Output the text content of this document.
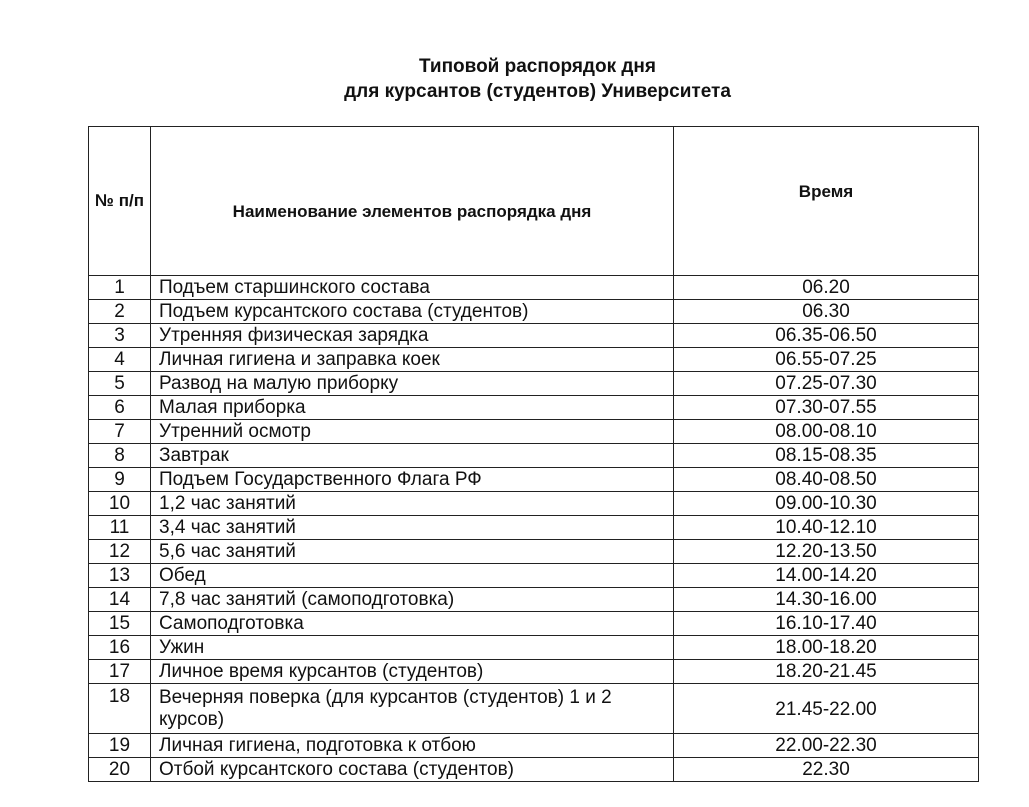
Типовой распорядок дня
для курсантов (студентов) Университета
№ п/п	Наименование элементов распорядка дня	Время
1	Подъем старшинского состава	06.20
2	Подъем курсантского состава (студентов)	06.30
3	Утренняя физическая зарядка	06.35-06.50
4	Личная гигиена и заправка коек	06.55-07.25
5	Развод на малую приборку	07.25-07.30
6	Малая приборка	07.30-07.55
7	Утренний осмотр	08.00-08.10
8	Завтрак	08.15-08.35
9	Подъем Государственного Флага РФ	08.40-08.50
10	1,2 час занятий	09.00-10.30
11	3,4 час занятий	10.40-12.10
12	5,6 час занятий	12.20-13.50
13	Обед	14.00-14.20
14	7,8 час занятий (самоподготовка)	14.30-16.00
15	Самоподготовка	16.10-17.40
16	Ужин	18.00-18.20
17	Личное время курсантов (студентов)	18.20-21.45
18	Вечерняя поверка (для курсантов (студентов) 1 и 2 курсов)	21.45-22.00
19	Личная гигиена, подготовка к отбою	22.00-22.30
20	Отбой курсантского состава (студентов)	22.30
